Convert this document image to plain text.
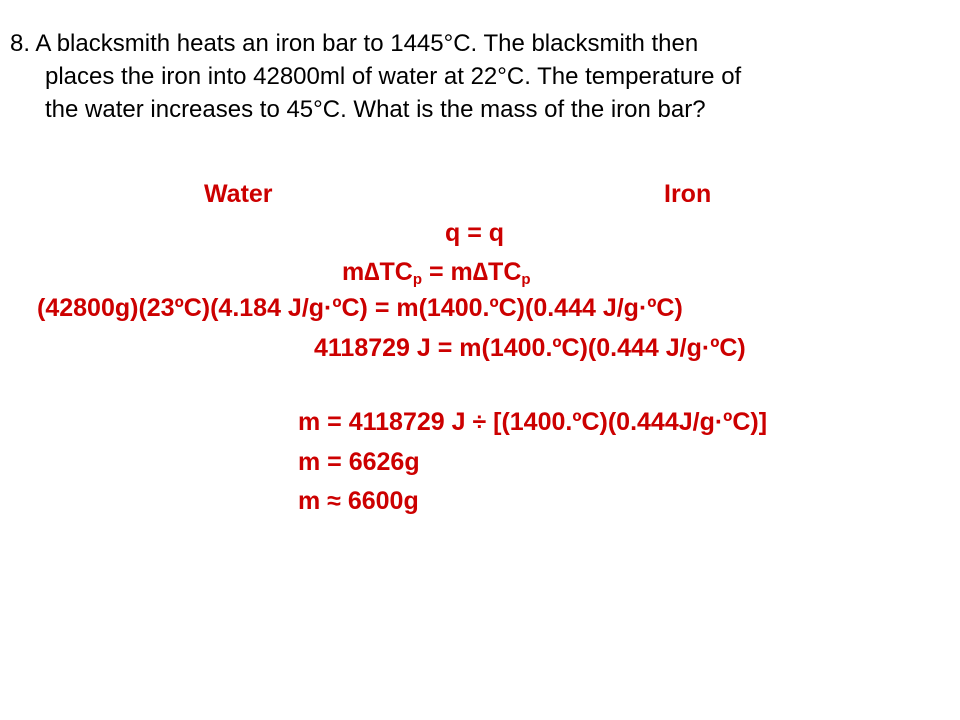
8. A blacksmith heats an iron bar to 1445°C. The blacksmith then
places the iron into 42800ml of water at 22°C. The temperature of
the water increases to 45°C. What is the mass of the iron bar?
Water	Iron
q = q
$m\Delta TC_p = m\Delta TC_p$
(42800g)(23ºC)(4.184 J/g·ºC) = m(1400.ºC)(0.444 J/g·ºC)
4118729 J = m(1400.ºC)(0.444 J/g·ºC)
m = 4118729 J ÷ [(1400.ºC)(0.444J/g·ºC)]
m = 6626g
m ≈ 6600g
